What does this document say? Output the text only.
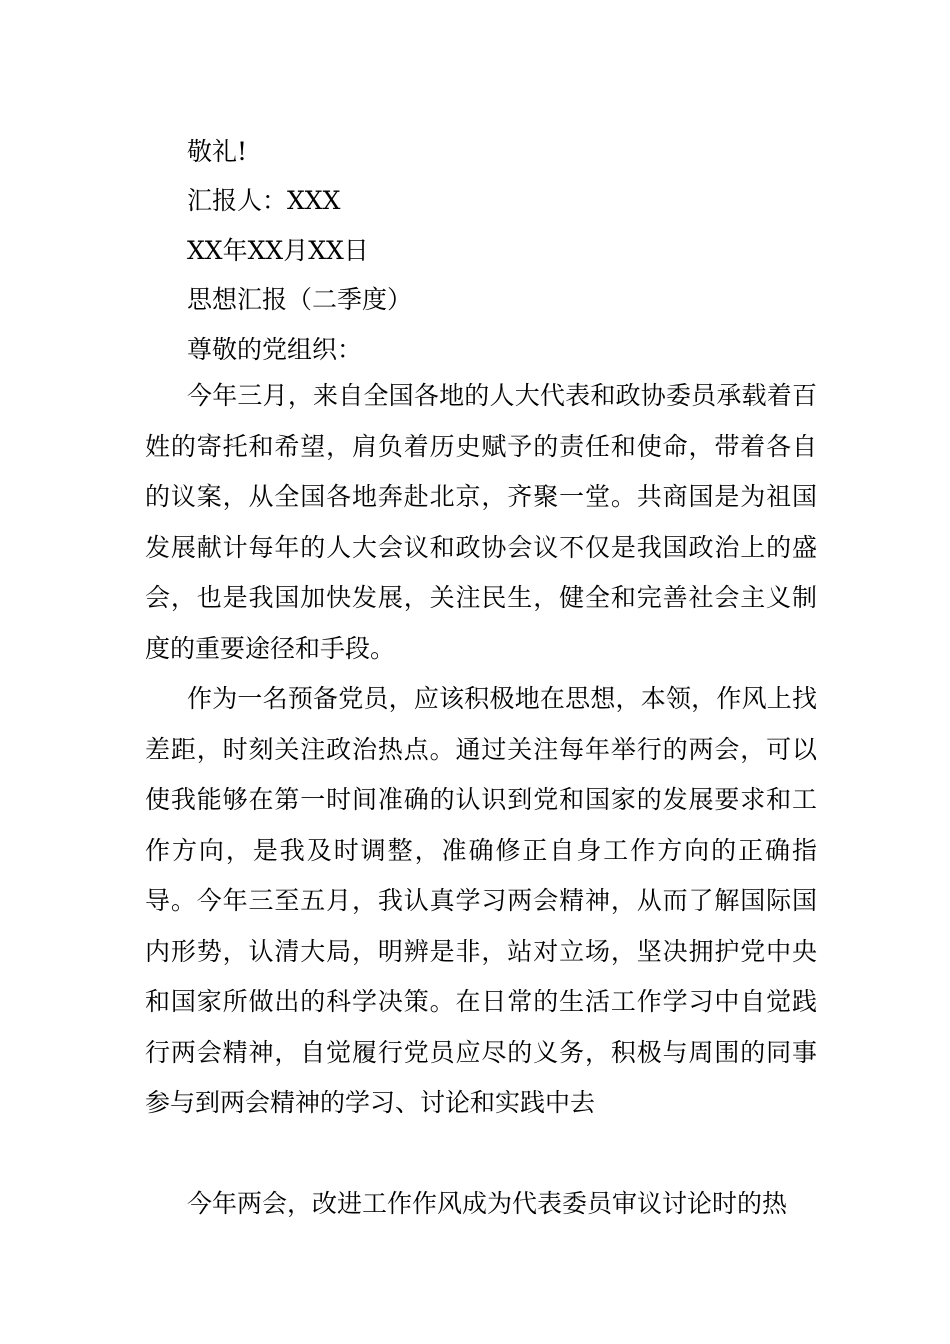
敬礼!
汇报人：XXX
XX年XX月XX日
思想汇报（二季度）
尊敬的党组织：

今年三月，来自全国各地的人大代表和政协委员承载着百姓的寄托和希望，肩负着历史赋予的责任和使命，带着各自的议案，从全国各地奔赴北京，齐聚一堂。共商国是为祖国发展献计每年的人大会议和政协会议不仅是我国政治上的盛会，也是我国加快发展，关注民生，健全和完善社会主义制度的重要途径和手段。

作为一名预备党员，应该积极地在思想，本领，作风上找差距，时刻关注政治热点。通过关注每年举行的两会，可以使我能够在第一时间准确的认识到党和国家的发展要求和工作方向，是我及时调整，准确修正自身工作方向的正确指导。今年三至五月，我认真学习两会精神，从而了解国际国内形势，认清大局，明辨是非，站对立场，坚决拥护党中央和国家所做出的科学决策。在日常的生活工作学习中自觉践行两会精神，自觉履行党员应尽的义务，积极与周围的同事参与到两会精神的学习、讨论和实践中去

今年两会，改进工作作风成为代表委员审议讨论时的热
